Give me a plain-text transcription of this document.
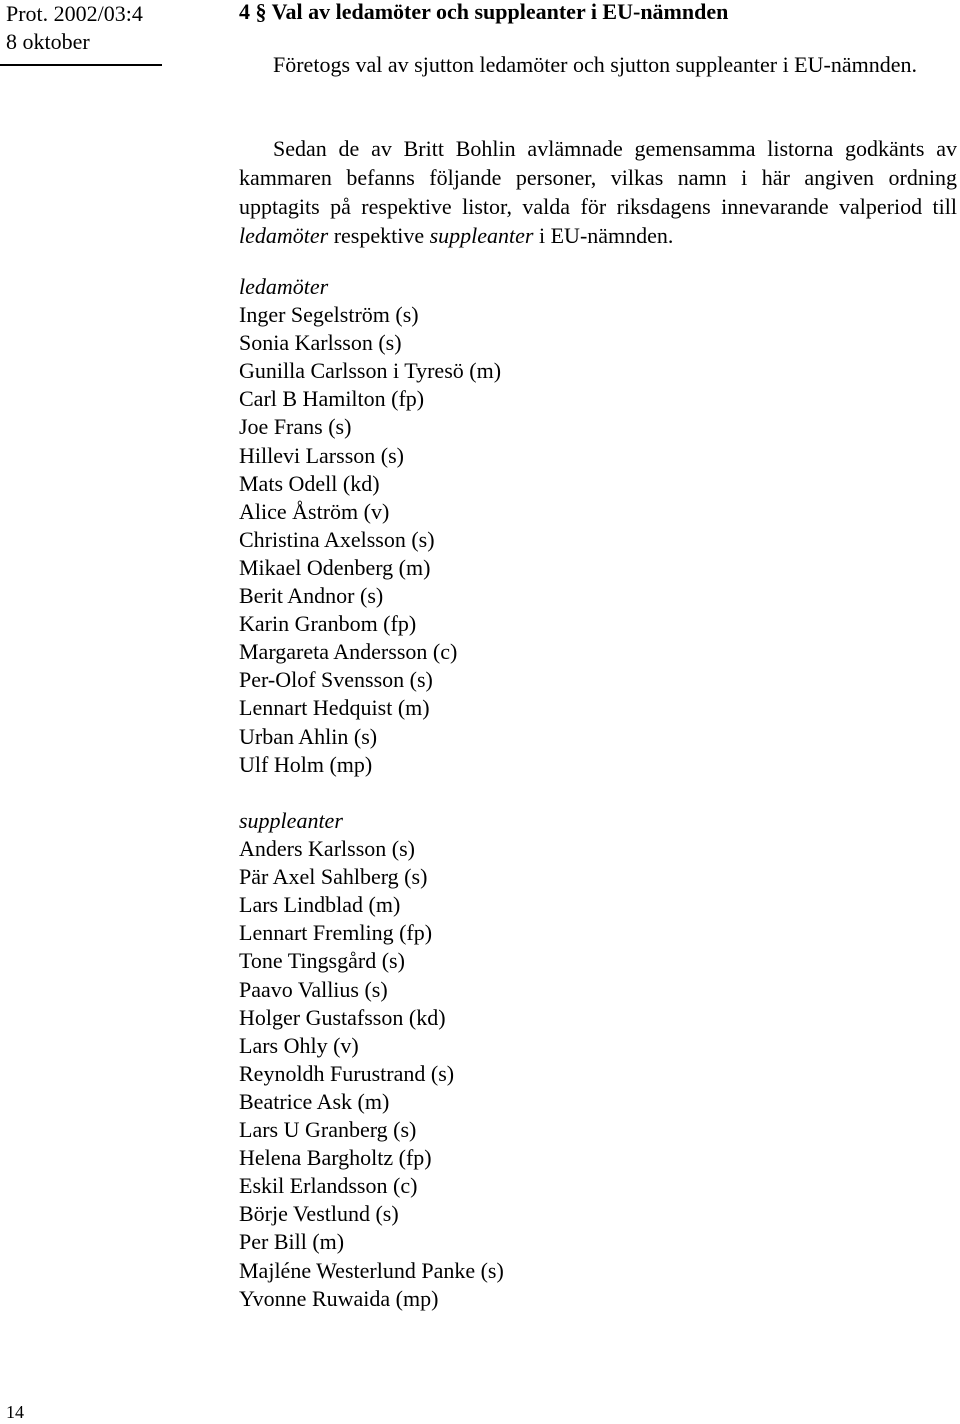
Prot. 2002/03:4
8 oktober
4 § Val av ledamöter och suppleanter i EU-nämnden

Företogs val av sjutton ledamöter och sjutton suppleanter i EU-nämnden.

Sedan de av Britt Bohlin avlämnade gemensamma listorna godkänts av kammaren befanns följande personer, vilkas namn i här angiven ordning upptagits på respektive listor, valda för riksdagens innevarande valperiod till ledamöter respektive suppleanter i EU-nämnden.

ledamöter
Inger Segelström (s)
Sonia Karlsson (s)
Gunilla Carlsson i Tyresö (m)
Carl B Hamilton (fp)
Joe Frans (s)
Hillevi Larsson (s)
Mats Odell (kd)
Alice Åström (v)
Christina Axelsson (s)
Mikael Odenberg (m)
Berit Andnor (s)
Karin Granbom (fp)
Margareta Andersson (c)
Per-Olof Svensson (s)
Lennart Hedquist (m)
Urban Ahlin (s)
Ulf Holm (mp)
suppleanter
Anders Karlsson (s)
Pär Axel Sahlberg (s)
Lars Lindblad (m)
Lennart Fremling (fp)
Tone Tingsgård (s)
Paavo Vallius (s)
Holger Gustafsson (kd)
Lars Ohly (v)
Reynoldh Furustrand (s)
Beatrice Ask (m)
Lars U Granberg (s)
Helena Bargholtz (fp)
Eskil Erlandsson (c)
Börje Vestlund (s)
Per Bill (m)
Majléne Westerlund Panke (s)
Yvonne Ruwaida (mp)
14
